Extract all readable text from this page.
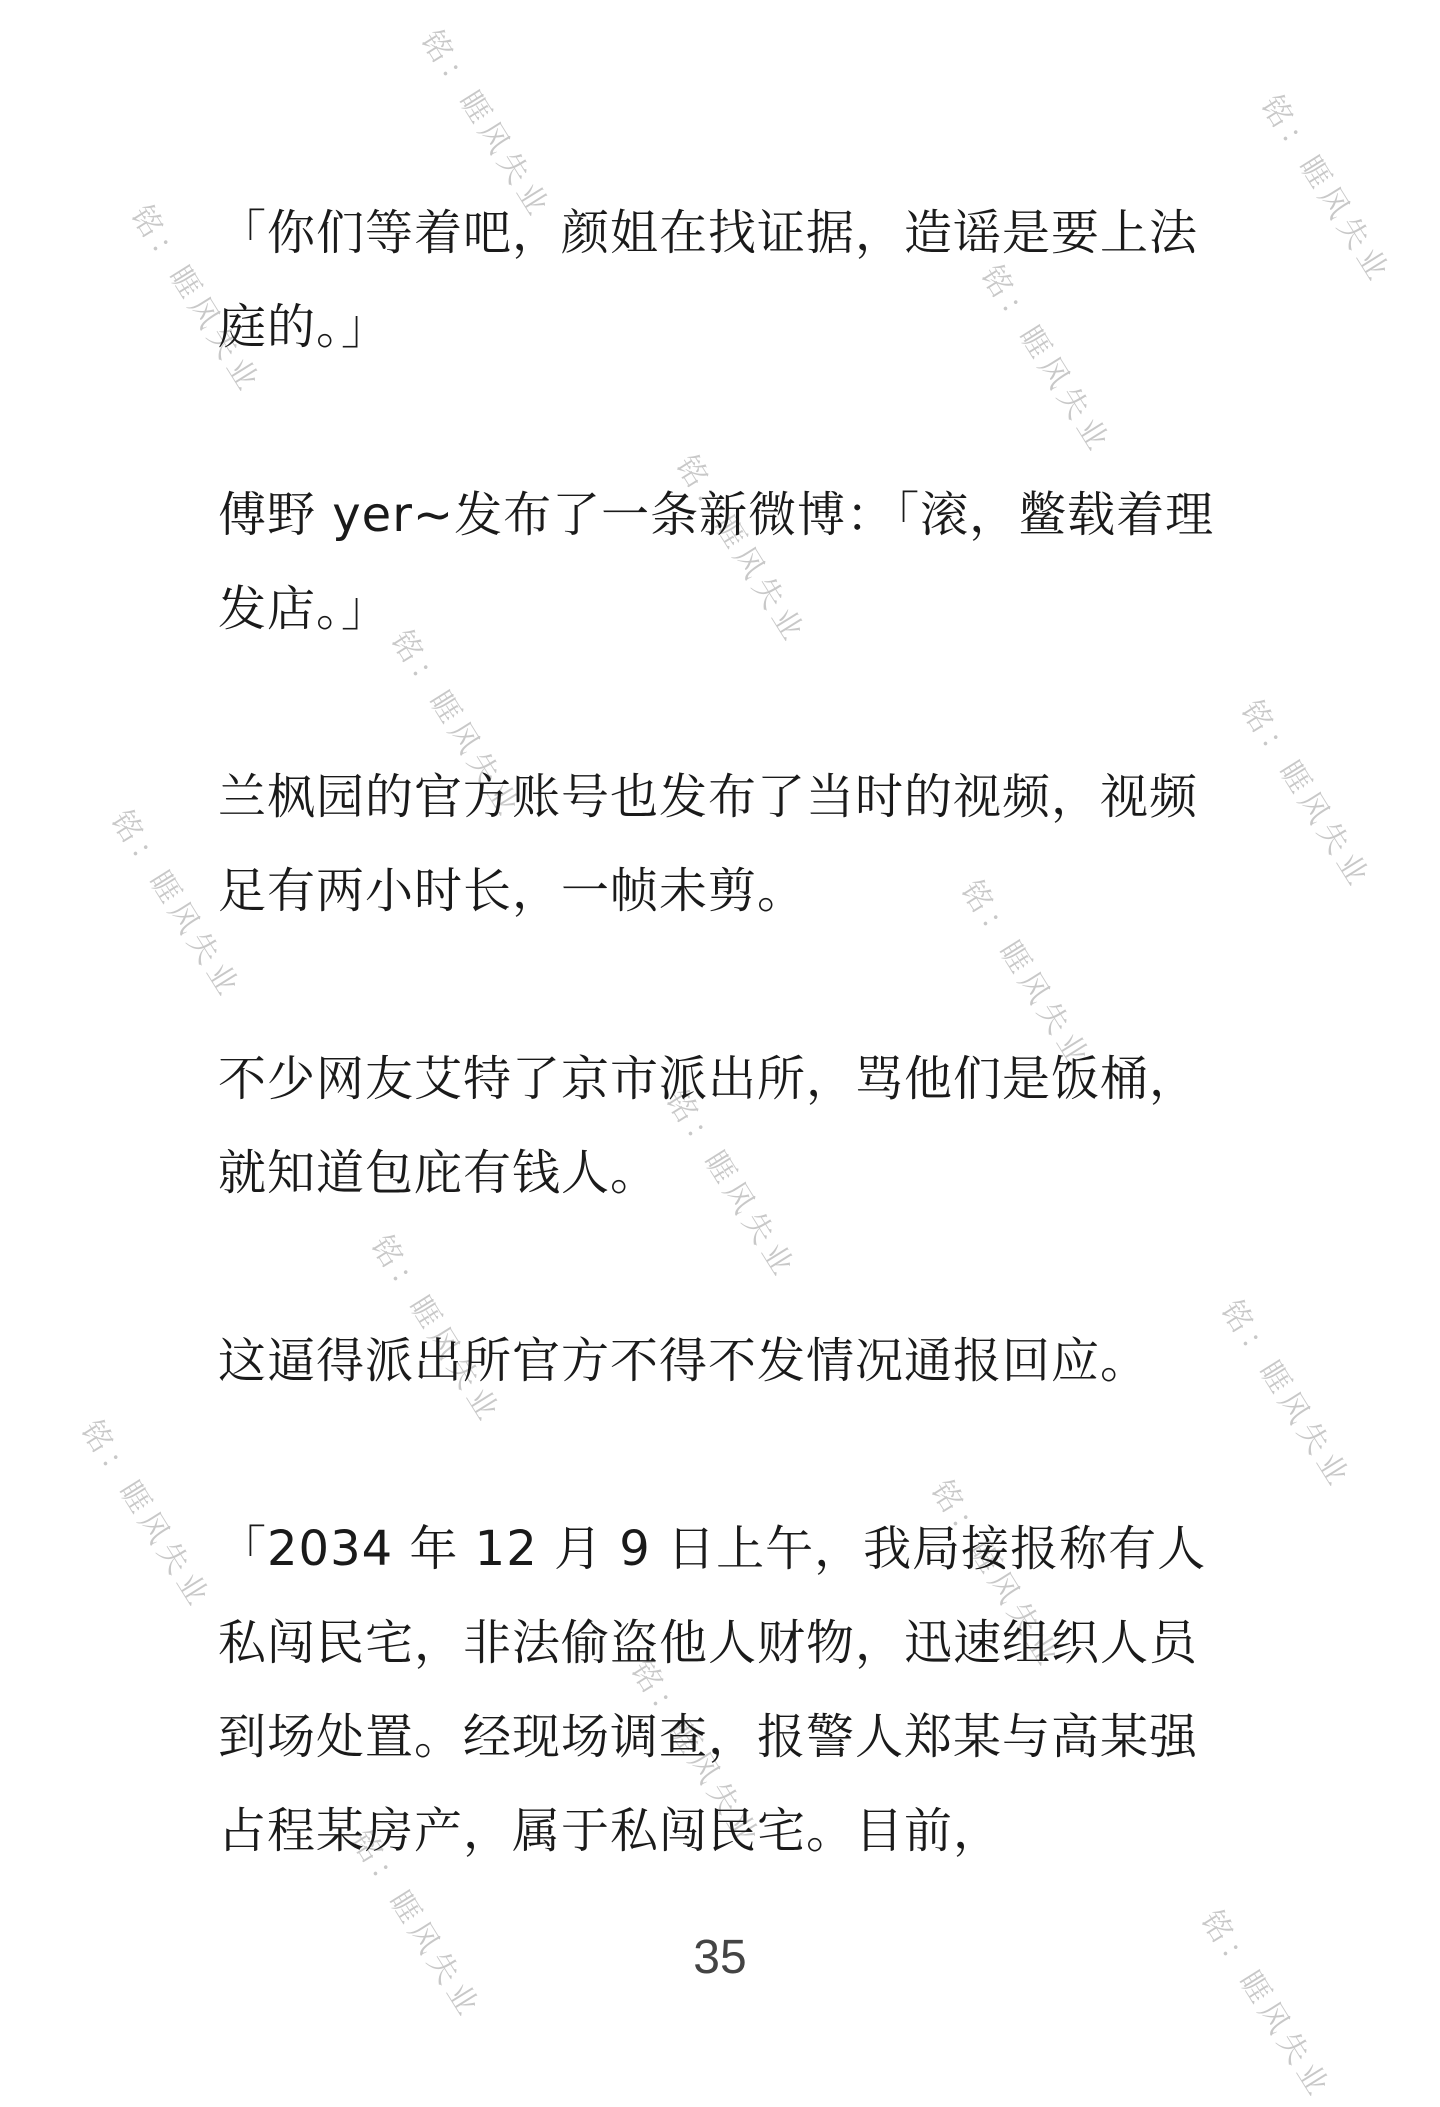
铭：睚风失业	铭：睚风失业
铭：睚风失业	铭：睚风失业
铭：睚风失业
铭：睚风失业	铭：睚风失业
铭：睚风失业	铭：睚风失业
铭：睚风失业
铭：睚风失业	铭：睚风失业
铭：睚风失业	铭：睚风失业
铭：睚风失业
铭：睚风失业	铭：睚风失业

「你们等着吧，颜姐在找证据，造谣是要上法庭的。」

傅野 yer~发布了一条新微博：「滚，鳖载着理发店。」

兰枫园的官方账号也发布了当时的视频，视频足有两小时长，一帧未剪。

不少网友艾特了京市派出所，骂他们是饭桶，就知道包庇有钱人。

这逼得派出所官方不得不发情况通报回应。

「2034 年 12 月 9 日上午，我局接报称有人私闯民宅，非法偷盗他人财物，迅速组织人员到场处置。经现场调查，报警人郑某与高某强占程某房产，属于私闯民宅。目前，

35
